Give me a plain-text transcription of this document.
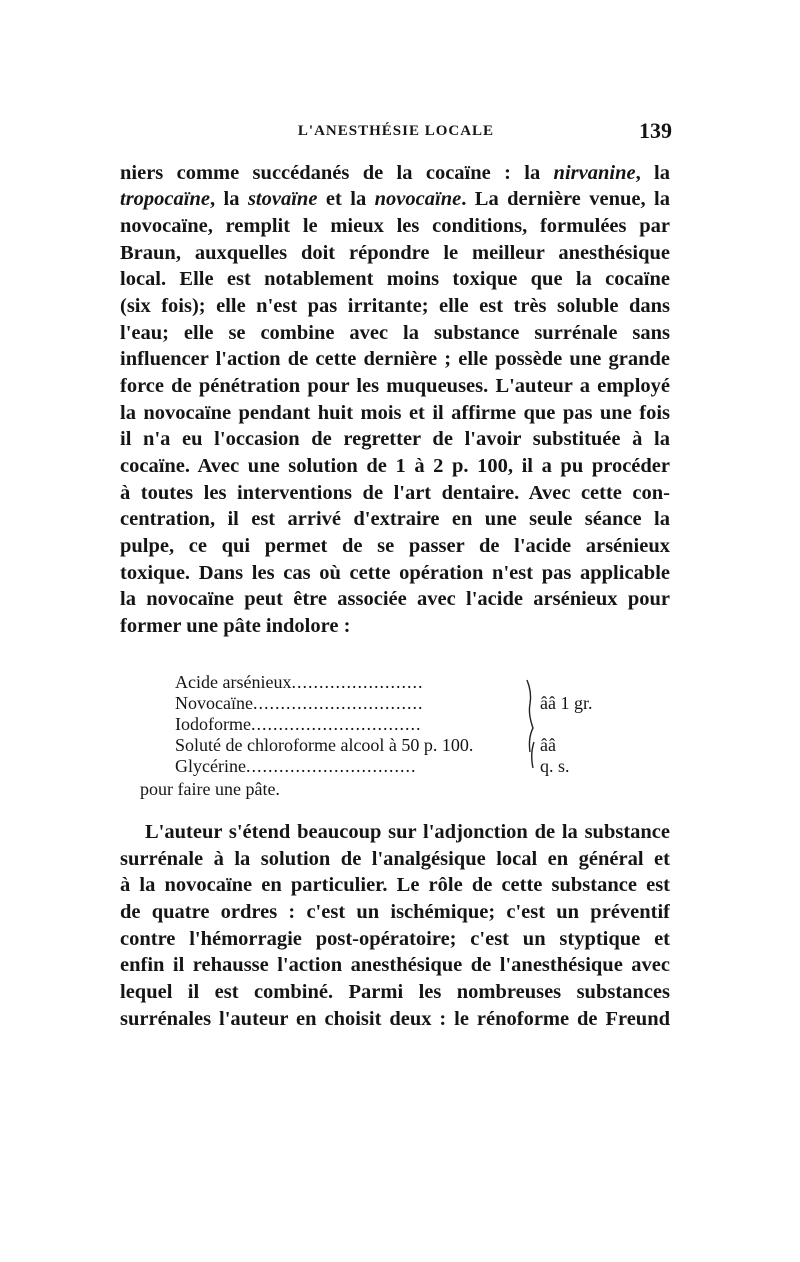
L'ANESTHÉSIE LOCALE	139
niers comme succédanés de la cocaïne : la nirvanine, la
tropocaïne, la stovaïne et la novocaïne. La dernière venue, la
novocaïne, remplit le mieux les conditions, formulées par
Braun, auxquelles doit répondre le meilleur anesthésique
local. Elle est notablement moins toxique que la cocaïne
(six fois); elle n'est pas irritante; elle est très soluble dans
l'eau; elle se combine avec la substance surrénale sans
influencer l'action de cette dernière ; elle possède une grande
force de pénétration pour les muqueuses. L'auteur a employé
la novocaïne pendant huit mois et il affirme que pas une fois
il n'a eu l'occasion de regretter de l'avoir substituée à la
cocaïne. Avec une solution de 1 à 2 p. 100, il a pu procéder
à toutes les interventions de l'art dentaire. Avec cette con-
centration, il est arrivé d'extraire en une seule séance la
pulpe, ce qui permet de se passer de l'acide arsénieux
toxique. Dans les cas où cette opération n'est pas applicable
la novocaïne peut être associée avec l'acide arsénieux pour
former une pâte indolore :
Acide arsénieux........................
Novocaïne...............................
Iodoforme...............................
Soluté de chloroforme alcool à 50 p. 100.
Glycérine...............................
ââ 1 gr.
ââ
q. s.
pour faire une pâte.
L'auteur s'étend beaucoup sur l'adjonction de la substance
surrénale à la solution de l'analgésique local en général et
à la novocaïne en particulier. Le rôle de cette substance est
de quatre ordres : c'est un ischémique; c'est un préventif
contre l'hémorragie post-opératoire; c'est un styptique et
enfin il rehausse l'action anesthésique de l'anesthésique avec
lequel il est combiné. Parmi les nombreuses substances
surrénales l'auteur en choisit deux : le rénoforme de Freund
